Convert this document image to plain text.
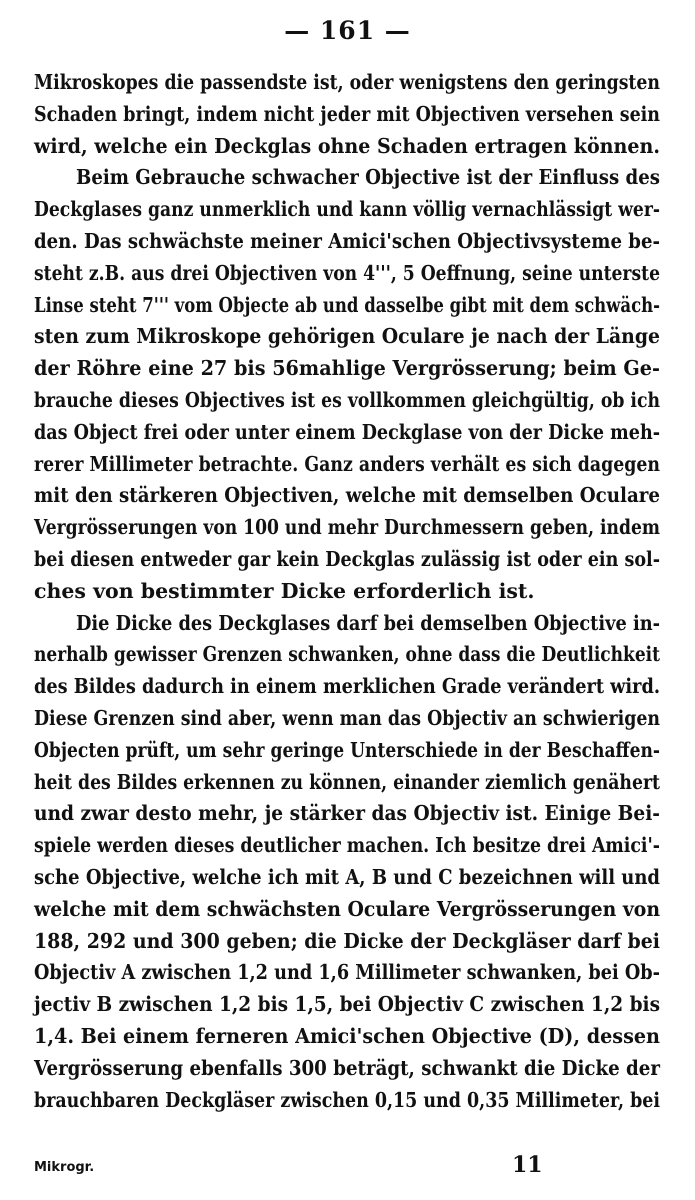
— 161 —
Mikroskopes die passendste ist, oder wenigstens den geringsten
Schaden bringt, indem nicht jeder mit Objectiven versehen sein
wird, welche ein Deckglas ohne Schaden ertragen können.
Beim Gebrauche schwacher Objective ist der Einfluss des
Deckglases ganz unmerklich und kann völlig vernachlässigt wer-
den. Das schwächste meiner Amici'schen Objectivsysteme be-
steht z.B. aus drei Objectiven von 4''', 5 Oeffnung, seine unterste
Linse steht 7''' vom Objecte ab und dasselbe gibt mit dem schwäch-
sten zum Mikroskope gehörigen Oculare je nach der Länge
der Röhre eine 27 bis 56mahlige Vergrösserung; beim Ge-
brauche dieses Objectives ist es vollkommen gleichgültig, ob ich
das Object frei oder unter einem Deckglase von der Dicke meh-
rerer Millimeter betrachte. Ganz anders verhält es sich dagegen
mit den stärkeren Objectiven, welche mit demselben Oculare
Vergrösserungen von 100 und mehr Durchmessern geben, indem
bei diesen entweder gar kein Deckglas zulässig ist oder ein sol-
ches von bestimmter Dicke erforderlich ist.
Die Dicke des Deckglases darf bei demselben Objective in-
nerhalb gewisser Grenzen schwanken, ohne dass die Deutlichkeit
des Bildes dadurch in einem merklichen Grade verändert wird.
Diese Grenzen sind aber, wenn man das Objectiv an schwierigen
Objecten prüft, um sehr geringe Unterschiede in der Beschaffen-
heit des Bildes erkennen zu können, einander ziemlich genähert
und zwar desto mehr, je stärker das Objectiv ist. Einige Bei-
spiele werden dieses deutlicher machen. Ich besitze drei Amici'-
sche Objective, welche ich mit A, B und C bezeichnen will und
welche mit dem schwächsten Oculare Vergrösserungen von
188, 292 und 300 geben; die Dicke der Deckgläser darf bei
Objectiv A zwischen 1,2 und 1,6 Millimeter schwanken, bei Ob-
jectiv B zwischen 1,2 bis 1,5, bei Objectiv C zwischen 1,2 bis
1,4. Bei einem ferneren Amici'schen Objective (D), dessen
Vergrösserung ebenfalls 300 beträgt, schwankt die Dicke der
brauchbaren Deckgläser zwischen 0,15 und 0,35 Millimeter, bei
Mikrogr.	11
